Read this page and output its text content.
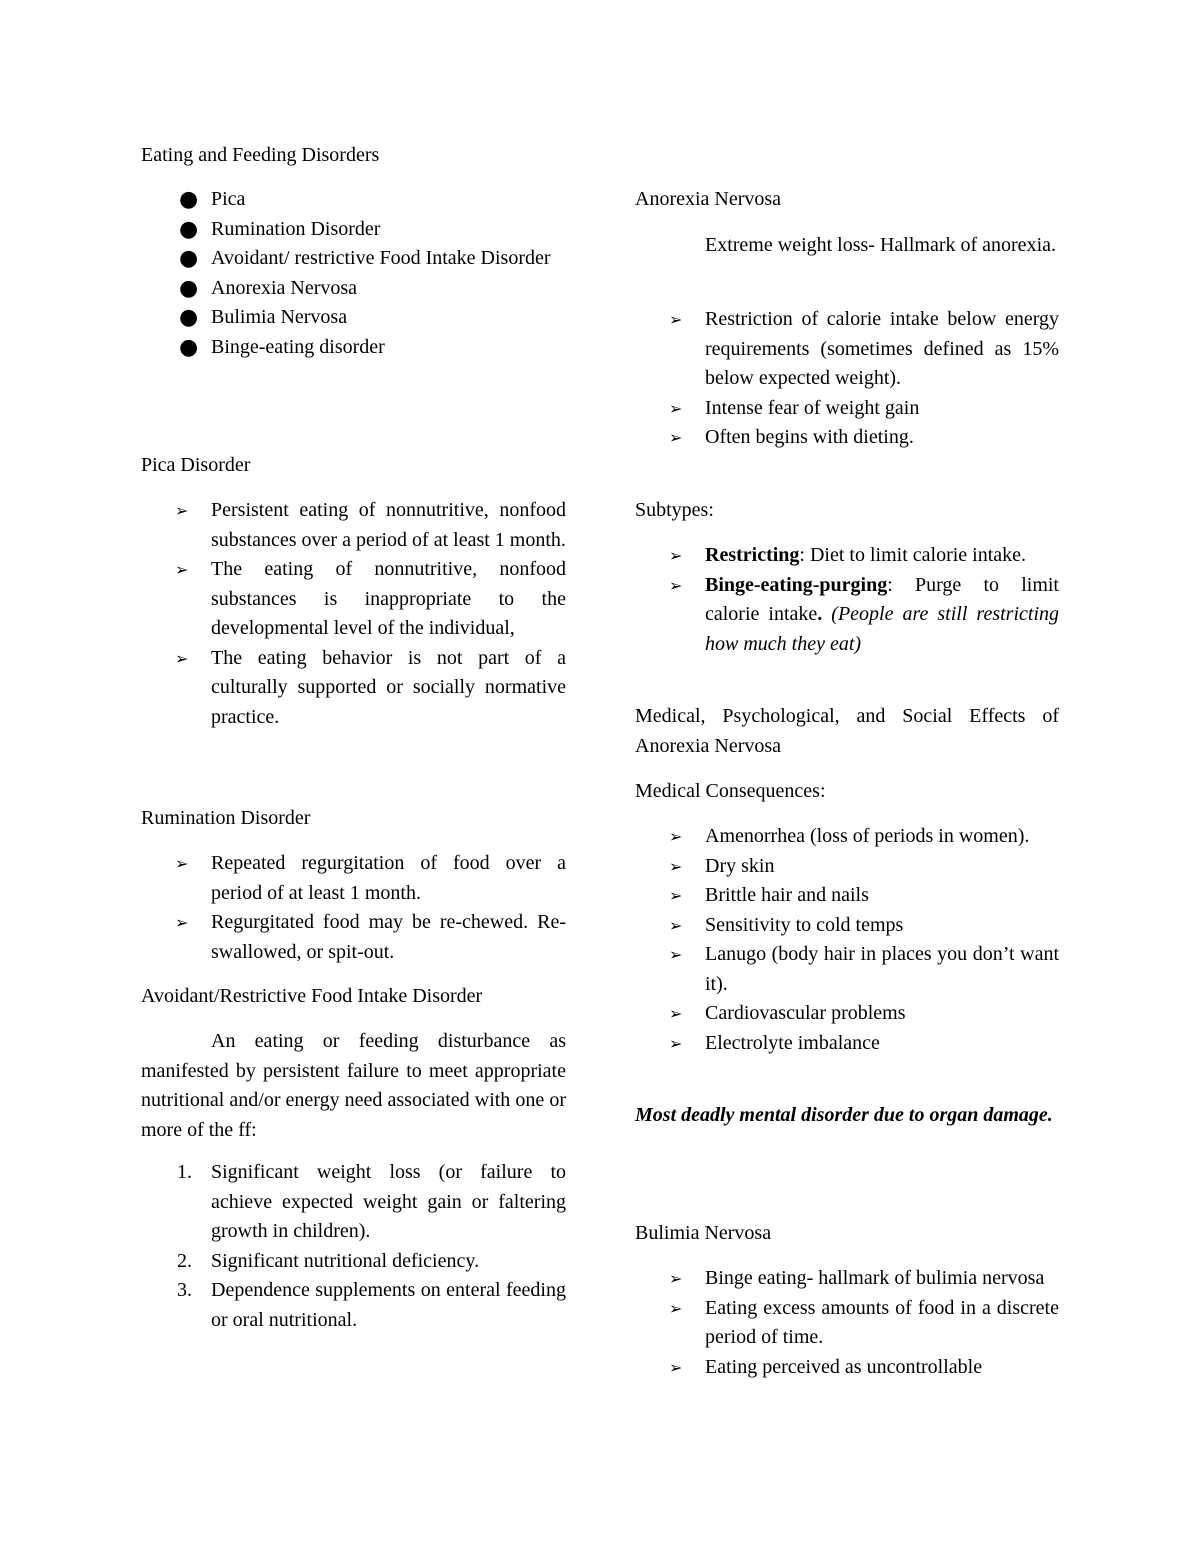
Eating and Feeding Disorders

● Pica
● Rumination Disorder
● Avoidant/ restrictive Food Intake Disorder
● Anorexia Nervosa
● Bulimia Nervosa
● Binge-eating disorder

Pica Disorder

➢	Persistent eating of nonnutritive, nonfood substances over a period of at least 1 month.
➢	The eating of nonnutritive, nonfood substances is inappropriate to the developmental level of the individual,
➢	The eating behavior is not part of a culturally supported or socially normative practice.

Rumination Disorder

➢	Repeated regurgitation of food over a period of at least 1 month.
➢	Regurgitated food may be re-chewed. Re- swallowed, or spit-out.

Avoidant/Restrictive Food Intake Disorder

An eating or feeding disturbance as manifested by persistent failure to meet appropriate nutritional and/or energy need associated with one or more of the ff:

1. Significant weight loss (or failure to achieve expected weight gain or faltering growth in children).
2. Significant nutritional deficiency.
3. Dependence supplements on enteral feeding or oral nutritional.

Anorexia Nervosa

Extreme weight loss- Hallmark of anorexia.

➢	Restriction of calorie intake below energy requirements (sometimes defined as 15% below expected weight).
➢	Intense fear of weight gain
➢	Often begins with dieting.

Subtypes:

➢	Restricting: Diet to limit calorie intake.
➢	Binge-eating-purging: Purge to limit calorie intake. (People are still restricting how much they eat)

Medical, Psychological, and Social Effects of Anorexia Nervosa

Medical Consequences:

➢	Amenorrhea (loss of periods in women).
➢	Dry skin
➢	Brittle hair and nails
➢	Sensitivity to cold temps
➢	Lanugo (body hair in places you don’t want it).
➢	Cardiovascular problems
➢	Electrolyte imbalance

Most deadly mental disorder due to organ damage.

Bulimia Nervosa

➢	Binge eating- hallmark of bulimia nervosa
➢	Eating excess amounts of food in a discrete period of time.
➢	Eating perceived as uncontrollable
